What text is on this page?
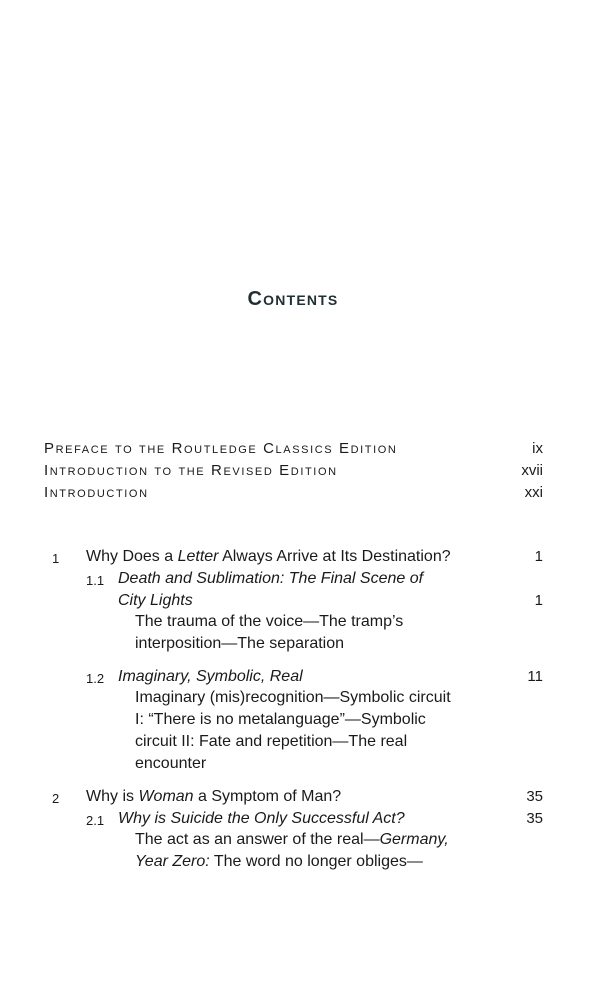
Contents
Preface to the Routledge Classics Edition	ix
Introduction to the Revised Edition	xvii
Introduction	xxi
1 Why Does a Letter Always Arrive at Its Destination?	1
1.1 Death and Sublimation: The Final Scene of
City Lights	1
The trauma of the voice—The tramp’s
interposition—The separation
1.2 Imaginary, Symbolic, Real	11
Imaginary (mis)recognition—Symbolic circuit
I: “There is no metalanguage”—Symbolic
circuit II: Fate and repetition—The real
encounter
2 Why is Woman a Symptom of Man?	35
2.1 Why is Suicide the Only Successful Act?	35
The act as an answer of the real—Germany,
Year Zero: The word no longer obliges—
